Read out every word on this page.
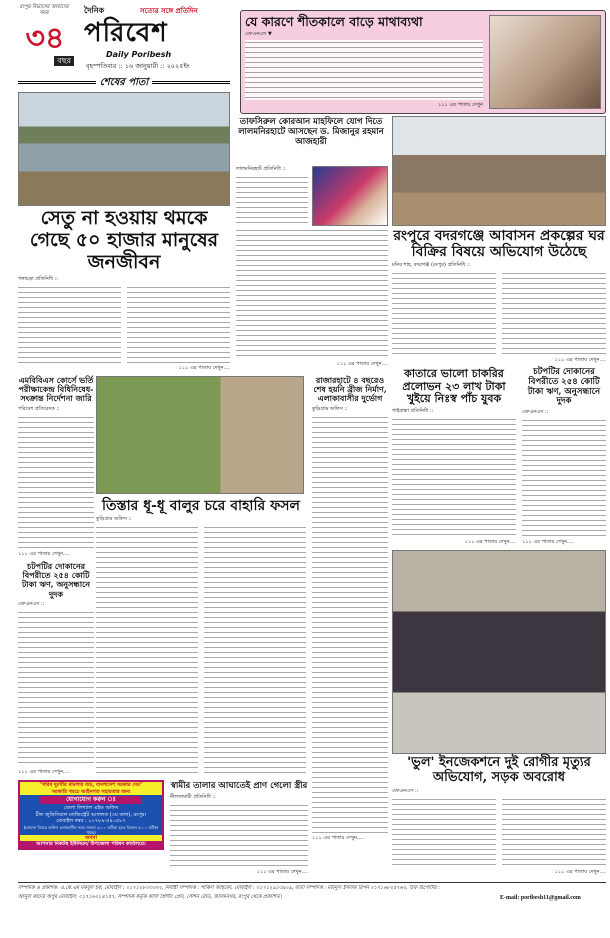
রংপুর বিভাগের আমাদের সময়
৩৪
বছর
দৈনিক	সত্যের সঙ্গে প্রতিদিন
পরিবেশ
Daily Poribesh
বৃহস্পতিবার :: ১৬ জানুয়ারী :: ২০২৫ইং
শেষের পাতা
যে কারণে শীতকালে বাড়ে মাথাব্যথা
এফএনএস ▼
১১১ এর পাতায় দেখুন
সেতু না হওয়ায় থমকে গেছে ৫০ হাজার মানুষের জনজীবন
গঙ্গাচড়া প্রতিনিধি ::
১১১ এর পাতায় দেখুন....
তাফসিরুল কোরআন মাহফিলে যোগ দিতে লালমনিরহাটে আসছেন ড. মিজানুর রহমান আজহারী
লালমনিরহাট প্রতিনিধি ::
১১১ এর পাতায় দেখুন....
রংপুরে বদরগঞ্জে আবাসন প্রকল্পের ঘর বিক্রির বিষয়ে অভিযোগ উঠেছে
মনির শাহ, বদরগঞ্জ (রংপুর) প্রতিনিধি ::
১১১ এর পাতায় দেখুন....
কাতারে ভালো চাকরির প্রলোভন ২৩ লাখ টাকা খুইয়ে নিঃস্ব পাঁচ যুবক
গাইবান্ধা প্রতিনিধি ::
১১১ এর পাতায় দেখুন....
চটপটির দোকানের বিপরীতে ২৫৪ কোটি টাকা ঋণ, অনুসন্ধানে দুদক
এফএনএস ::
১১১ এর পাতায় দেখুন....
এমবিবিএস কোর্সে ভর্তি পরীক্ষাকেন্দ্র বিধিনিষেধ- সংক্রান্ত নির্দেশনা জারি
পরিবেশ প্রতিবেদক ::
১১১ এর পাতায় দেখুন....
চটপটির দোকানের বিপরীতে ২৫৪ কোটি টাকা ঋণ, অনুসন্ধানে দুদক
এফএনএস ::
১১১ এর পাতায় দেখুন....
তিস্তার ধূ-ধূ বালুর চরে বাহারি ফসল
কুড়িগ্রাম অফিস ::
রাজারহাটে ৪ বছরেও শেষ হয়নি ব্রীজ নির্মাণ, এলাকাবাসীর দুর্ভোগ
কুড়িগ্রাম অফিস ::
১১১ এর পাতায় দেখুন....
'ভুল' ইনজেকশনে দুই রোগীর মৃত্যুর অভিযোগ, সড়ক অবরোধ
এফএনএস ::
১১১ এর পাতায় দেখুন....
স্বামীর তালার আঘাতেই প্রাণ গেলো স্ত্রীর
নীলফামারী প্রতিনিধি ::
১১১ এর পাতায় দেখুন....
"গরিব দুঃখীর মামলার ব্যয়, বাংলাদেশ সরকার দেয়"
সরকারি খরচে আইনগত সহায়তার জন্য
যোগাযোগ করুন ঃ
জেলা লিগ্যাল এইড অফিস
চীফ জুডিসিয়াল ম্যাজিস্ট্রেট আদালত (৩য় তলা), রংপুর।
মোবাইল নম্বর : ০১৭৮৯-৫৪০৫৮৭
(চলমান বিষয়ে অফিস চলাকালীন সময় সকাল ৯:০০ ঘটিকা হতে বিকাল ৫:০০ ঘটিকা পর্যন্ত)
অথবা
আপনার নিকটস্থ ইউনিয়ন/ উপজেলা পরিষদ কার্যালয়ে।
সম্পাদক ও প্রকাশক: এ.কে.এম মকবুল হক, মোবাইল : ০১৭১২৮০৩৩৩২, নির্বাহী সম্পাদক : শাকিল আহমেদ, মোবাইল : ০১৭১২৯১৩৯০৯, বার্তা সম্পাদক : মমিনুল ইসলাম রিপন ০১৭১৬৮২৫৭৬০, চিফ রিপোর্টার :
আব্দুল কাদের অপুর মোবাইল: ০১৭১৬০১৪১৫৭, সম্পাদক কর্তৃক কালি প্রিন্টিং প্রেস, স্টেশন রোড, আলমনগর, রংপুর থেকে প্রকাশিত।	E-mail: poribesh11@gmail.com
